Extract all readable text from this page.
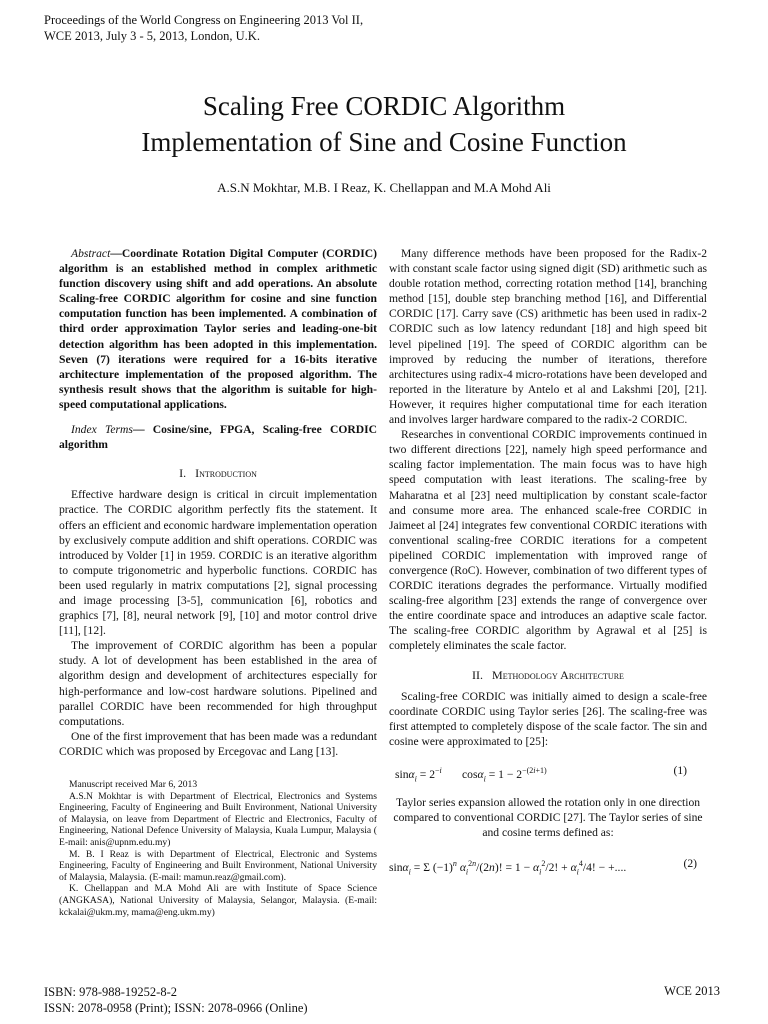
Proceedings of the World Congress on Engineering 2013 Vol II,
WCE 2013, July 3 - 5, 2013, London, U.K.
Scaling Free CORDIC Algorithm
Implementation of Sine and Cosine Function
A.S.N Mokhtar, M.B. I Reaz, K. Chellappan and M.A Mohd Ali

Abstract—Coordinate Rotation Digital Computer (CORDIC) algorithm is an established method in complex arithmetic function discovery using shift and add operations. An absolute Scaling-free CORDIC algorithm for cosine and sine function computation function has been implemented. A combination of third order approximation Taylor series and leading-one-bit detection algorithm has been adopted in this implementation. Seven (7) iterations were required for a 16-bits iterative architecture implementation of the proposed algorithm. The synthesis result shows that the algorithm is suitable for high-speed computational applications.

Index Terms— Cosine/sine, FPGA, Scaling-free CORDIC algorithm

I. Introduction

Effective hardware design is critical in circuit implementation practice. The CORDIC algorithm perfectly fits the statement. It offers an efficient and economic hardware implementation operation by exclusively compute addition and shift operations. CORDIC was introduced by Volder [1] in 1959. CORDIC is an iterative algorithm to compute trigonometric and hyperbolic functions. CORDIC has been used regularly in matrix computations [2], signal processing and image processing [3-5], communication [6], robotics and graphics [7], [8], neural network [9], [10] and motor control drive [11], [12].

The improvement of CORDIC algorithm has been a popular study. A lot of development has been established in the area of algorithm design and development of architectures especially for high-performance and low-cost hardware solutions. Pipelined and parallel CORDIC have been recommended for high throughput computations.

One of the first improvement that has been made was a redundant CORDIC which was proposed by Ercegovac and Lang [13].

Manuscript received Mar 6, 2013

A.S.N Mokhtar is with Department of Electrical, Electronics and Systems Engineering, Faculty of Engineering and Built Environment, National University of Malaysia, on leave from Department of Electric and Electronics, Faculty of Engineering, National Defence University of Malaysia, Kuala Lumpur, Malaysia ( E-mail: anis@upnm.edu.my)

M. B. I Reaz is with Department of Electrical, Electronic and Systems Engineering, Faculty of Engineering and Built Environment, National University of Malaysia, Malaysia. (E-mail: mamun.reaz@gmail.com).

K. Chellappan and M.A Mohd Ali are with Institute of Space Science (ANGKASA), National University of Malaysia, Selangor, Malaysia. (E-mail: kckalai@ukm.my, mama@eng.ukm.my)

Many difference methods have been proposed for the Radix-2 with constant scale factor using signed digit (SD) arithmetic such as double rotation method, correcting rotation method [14], branching method [15], double step branching method [16], and Differential CORDIC [17]. Carry save (CS) arithmetic has been used in radix-2 CORDIC such as low latency redundant [18] and high speed bit level pipelined [19]. The speed of CORDIC algorithm can be improved by reducing the number of iterations, therefore architectures using radix-4 micro-rotations have been developed and reported in the literature by Antelo et al and Lakshmi [20], [21]. However, it requires higher computational time for each iteration and involves larger hardware compared to the radix-2 CORDIC.

Researches in conventional CORDIC improvements continued in two different directions [22], namely high speed performance and scaling factor implementation. The main focus was to have high speed computation with least iterations. The scaling-free by Maharatna et al [23] need multiplication by constant scale-factor and consume more area. The enhanced scale-free CORDIC in Jaimeet al [24] integrates few conventional CORDIC iterations with conventional scaling-free CORDIC iterations for a competent pipelined CORDIC implementation with improved range of convergence (RoC). However, combination of two different types of CORDIC iterations degrades the performance. Virtually modified scaling-free algorithm [23] extends the range of convergence over the entire coordinate space and introduces an adaptive scale factor. The scaling-free CORDIC algorithm by Agrawal et al [25] is completely eliminates the scale factor.

II. Methodology Architecture

Scaling-free CORDIC was initially aimed to design a scale-free coordinate CORDIC using Taylor series [26]. The scaling-free was first attempted to completely dispose of the scale factor. The sin and cosine were approximated to [25]:

$\sin\alpha_i = 2^{-i}$       $\cos\alpha_i = 1 - 2^{-(2i+1)}$	(1)

Taylor series expansion allowed the rotation only in one direction compared to conventional CORDIC [27]. The Taylor series of sine and cosine terms defined as:

sinα$_i$ = Σ $(-1)^n$ $\alpha_i^{2n}/(2n)$! = $1 - \alpha_i^2/2$! + $\alpha_i^4/4$! − +....	(2)
ISBN: 978-988-19252-8-2
ISSN: 2078-0958 (Print); ISSN: 2078-0966 (Online)
WCE 2013
